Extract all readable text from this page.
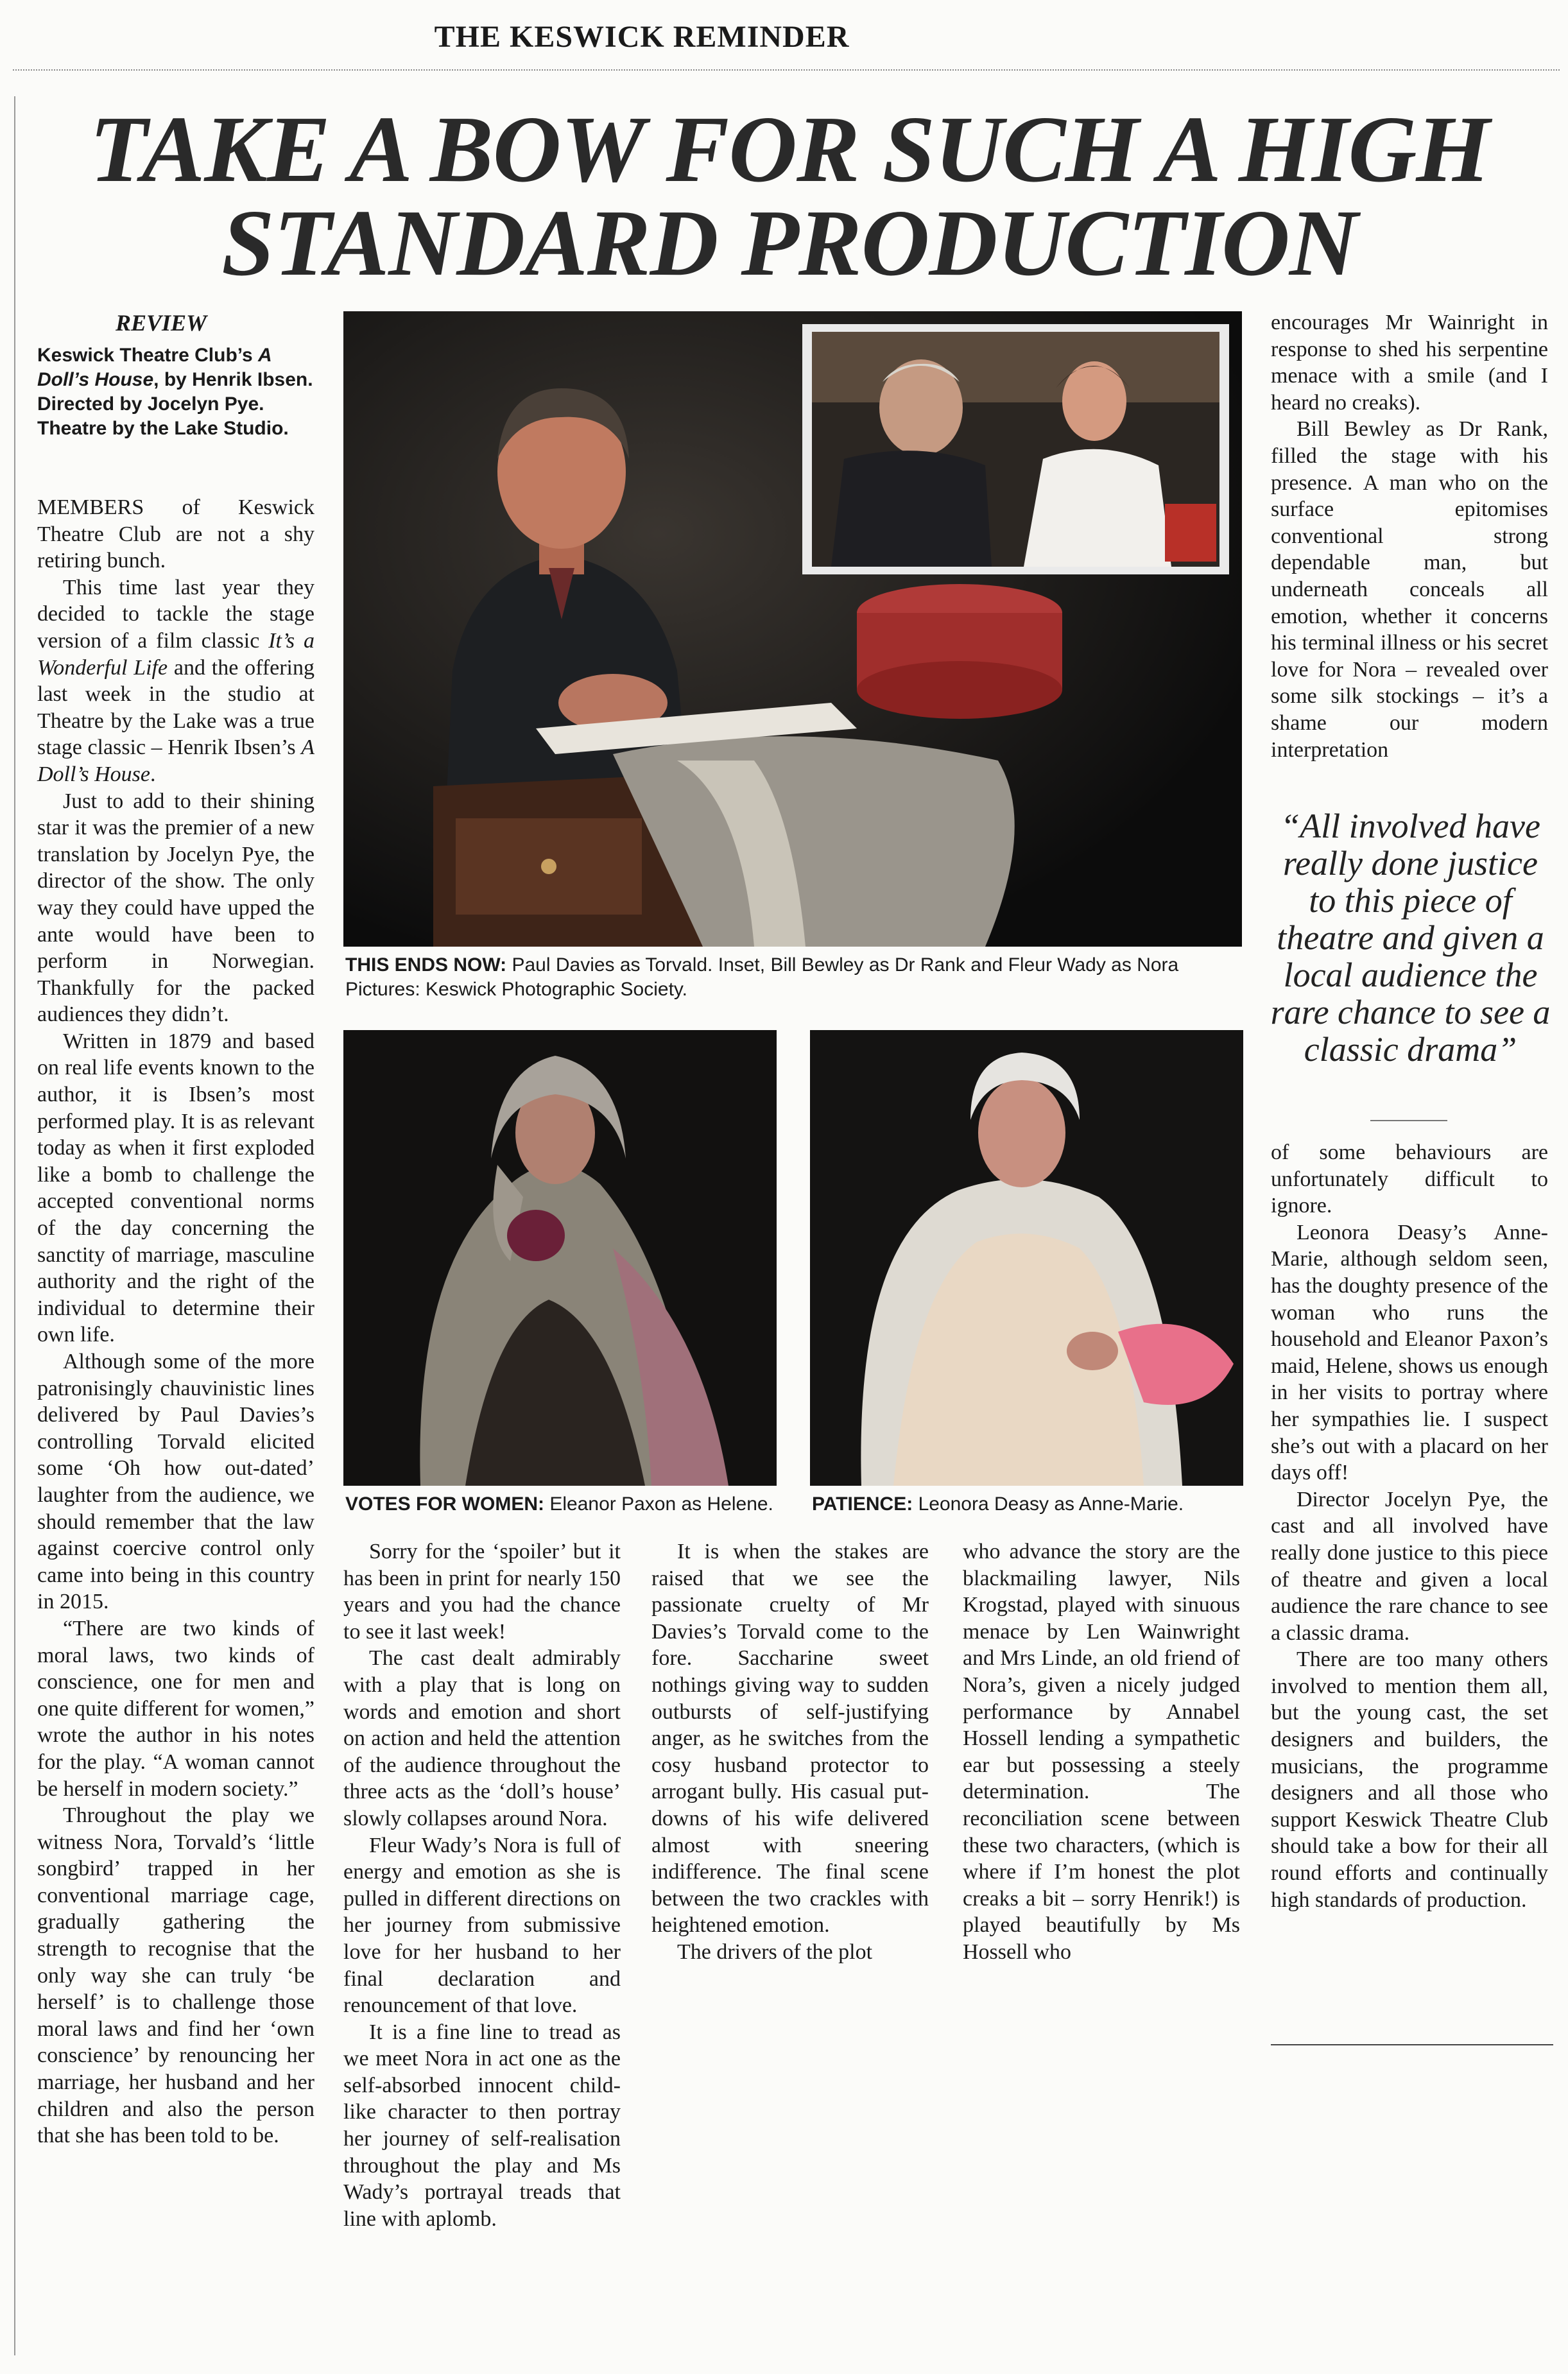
THE KESWICK REMINDER
TAKE A BOW FOR SUCH A HIGH
STANDARD PRODUCTION
REVIEW
Keswick Theatre Club’s A Doll’s House, by Henrik Ibsen. Directed by Jocelyn Pye. Theatre by the Lake Studio.

MEMBERS of Keswick Theatre Club are not a shy retiring bunch.

This time last year they decided to tackle the stage version of a film classic It’s a Wonderful Life and the offering last week in the studio at Theatre by the Lake was a true stage classic – Henrik Ibsen’s A Doll’s House.

Just to add to their shining star it was the premier of a new translation by Jocelyn Pye, the director of the show. The only way they could have upped the ante would have been to perform in Norwegian. Thankfully for the packed audiences they didn’t.

Written in 1879 and based on real life events known to the author, it is Ibsen’s most performed play. It is as relevant today as when it first exploded like a bomb to challenge the accepted conventional norms of the day concerning the sanctity of marriage, masculine authority and the right of the individual to determine their own life.

Although some of the more patronisingly chauvinistic lines delivered by Paul Davies’s controlling Torvald elicited some ‘Oh how out-dated’ laughter from the audience, we should remember that the law against coercive control only came into being in this country in 2015.

“There are two kinds of moral laws, two kinds of conscience, one for men and one quite different for women,” wrote the author in his notes for the play. “A woman cannot be herself in modern society.”

Throughout the play we witness Nora, Torvald’s ‘little songbird’ trapped in her conventional marriage cage, gradually gathering the strength to recognise that the only way she can truly ‘be herself’ is to challenge those moral laws and find her ‘own conscience’ by renouncing her marriage, her husband and her children and also the person that she has been told to be.

THIS ENDS NOW: Paul Davies as Torvald. Inset, Bill Bewley as Dr Rank and Fleur Wady as Nora
Pictures: Keswick Photographic Society.
VOTES FOR WOMEN: Eleanor Paxon as Helene.	PATIENCE: Leonora Deasy as Anne-Marie.

Sorry for the ‘spoiler’ but it has been in print for nearly 150 years and you had the chance to see it last week!

The cast dealt admirably with a play that is long on words and emotion and short on action and held the attention of the audience throughout the three acts as the ‘doll’s house’ slowly collapses around Nora.

Fleur Wady’s Nora is full of energy and emotion as she is pulled in different directions on her journey from submissive love for her husband to her final declaration and renouncement of that love.

It is a fine line to tread as we meet Nora in act one as the self-absorbed innocent child-like character to then portray her journey of self-realisation throughout the play and Ms Wady’s portrayal treads that line with aplomb.

It is when the stakes are raised that we see the passionate cruelty of Mr Davies’s Torvald come to the fore. Saccharine sweet nothings giving way to sudden outbursts of self-justifying anger, as he switches from the cosy husband protector to arrogant bully. His casual put-downs of his wife delivered almost with sneering indifference. The final scene between the two crackles with heightened emotion.

The drivers of the plot

who advance the story are the blackmailing lawyer, Nils Krogstad, played with sinuous menace by Len Wainwright and Mrs Linde, an old friend of Nora’s, given a nicely judged performance by Annabel Hossell lending a sympathetic ear but possessing a steely determination. The reconciliation scene between these two characters, (which is where if I’m honest the plot creaks a bit – sorry Henrik!) is played beautifully by Ms Hossell who

encourages Mr Wainright in response to shed his serpentine menace with a smile (and I heard no creaks).

Bill Bewley as Dr Rank, filled the stage with his presence. A man who on the surface epitomises conventional strong dependable man, but underneath conceals all emotion, whether it concerns his terminal illness or his secret love for Nora – revealed over some silk stockings – it’s a shame our modern interpretation

“All involved have really done justice to this piece of theatre and given a local audience the rare chance to see a classic drama”

of some behaviours are unfortunately difficult to ignore.

Leonora Deasy’s Anne-Marie, although seldom seen, has the doughty presence of the woman who runs the household and Eleanor Paxon’s maid, Helene, shows us enough in her visits to portray where her sympathies lie. I suspect she’s out with a placard on her days off!

Director Jocelyn Pye, the cast and all involved have really done justice to this piece of theatre and given a local audience the rare chance to see a classic drama.

There are too many others involved to mention them all, but the young cast, the set designers and builders, the musicians, the programme designers and all those who support Keswick Theatre Club should take a bow for their all round efforts and continually high standards of production.
